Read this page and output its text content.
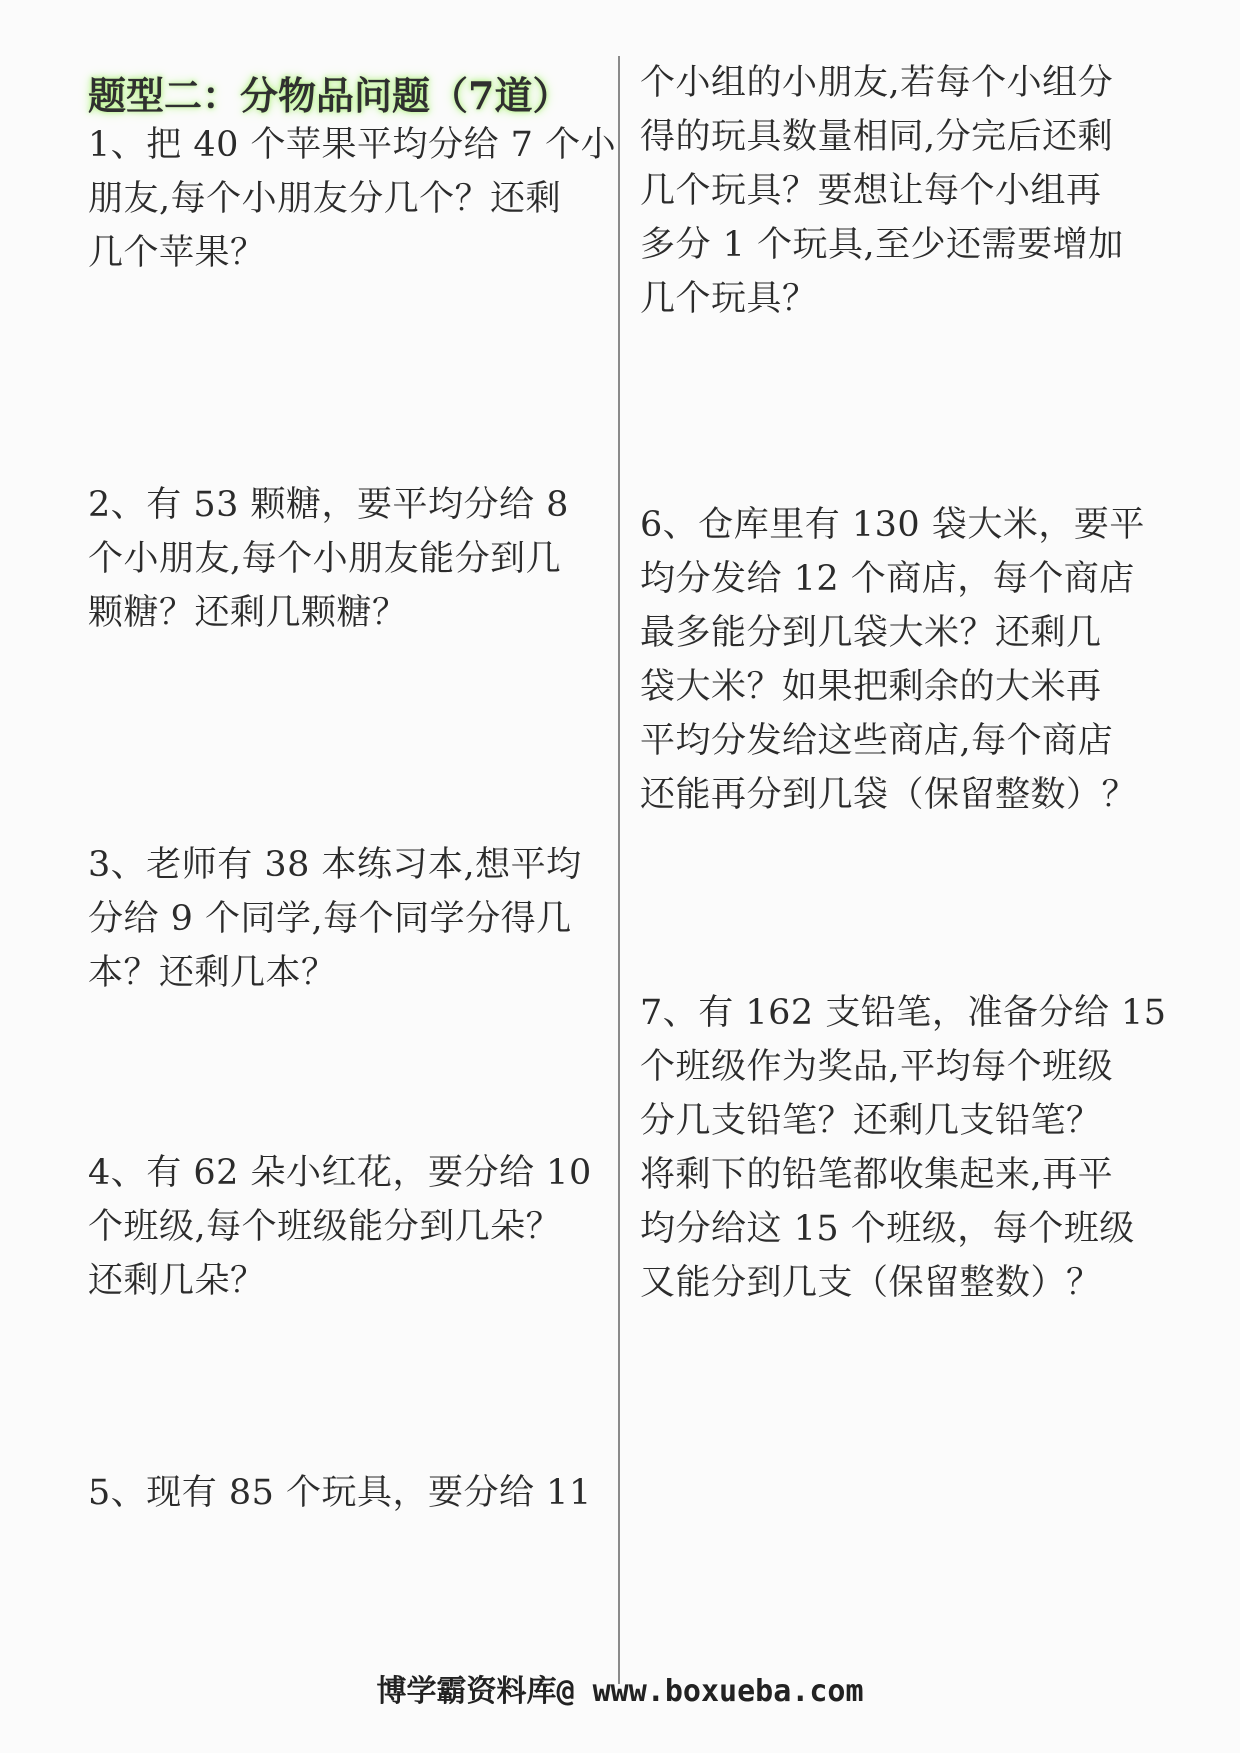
题型二：分物品问题（7道）
1、把 40 个苹果平均分给 7 个小
朋友,每个小朋友分几个？还剩
几个苹果？
2、有 53 颗糖，要平均分给 8
个小朋友,每个小朋友能分到几
颗糖？还剩几颗糖？
3、老师有 38 本练习本,想平均
分给 9 个同学,每个同学分得几
本？还剩几本？
4、有 62 朵小红花，要分给 10
个班级,每个班级能分到几朵？
还剩几朵？
5、现有 85 个玩具，要分给 11
个小组的小朋友,若每个小组分
得的玩具数量相同,分完后还剩
几个玩具？要想让每个小组再
多分 1 个玩具,至少还需要增加
几个玩具？
6、仓库里有 130 袋大米，要平
均分发给 12 个商店，每个商店
最多能分到几袋大米？还剩几
袋大米？如果把剩余的大米再
平均分发给这些商店,每个商店
还能再分到几袋（保留整数）？
7、有 162 支铅笔，准备分给 15
个班级作为奖品,平均每个班级
分几支铅笔？还剩几支铅笔？
将剩下的铅笔都收集起来,再平
均分给这 15 个班级，每个班级
又能分到几支（保留整数）？
博学霸资料库@ www.boxueba.com
